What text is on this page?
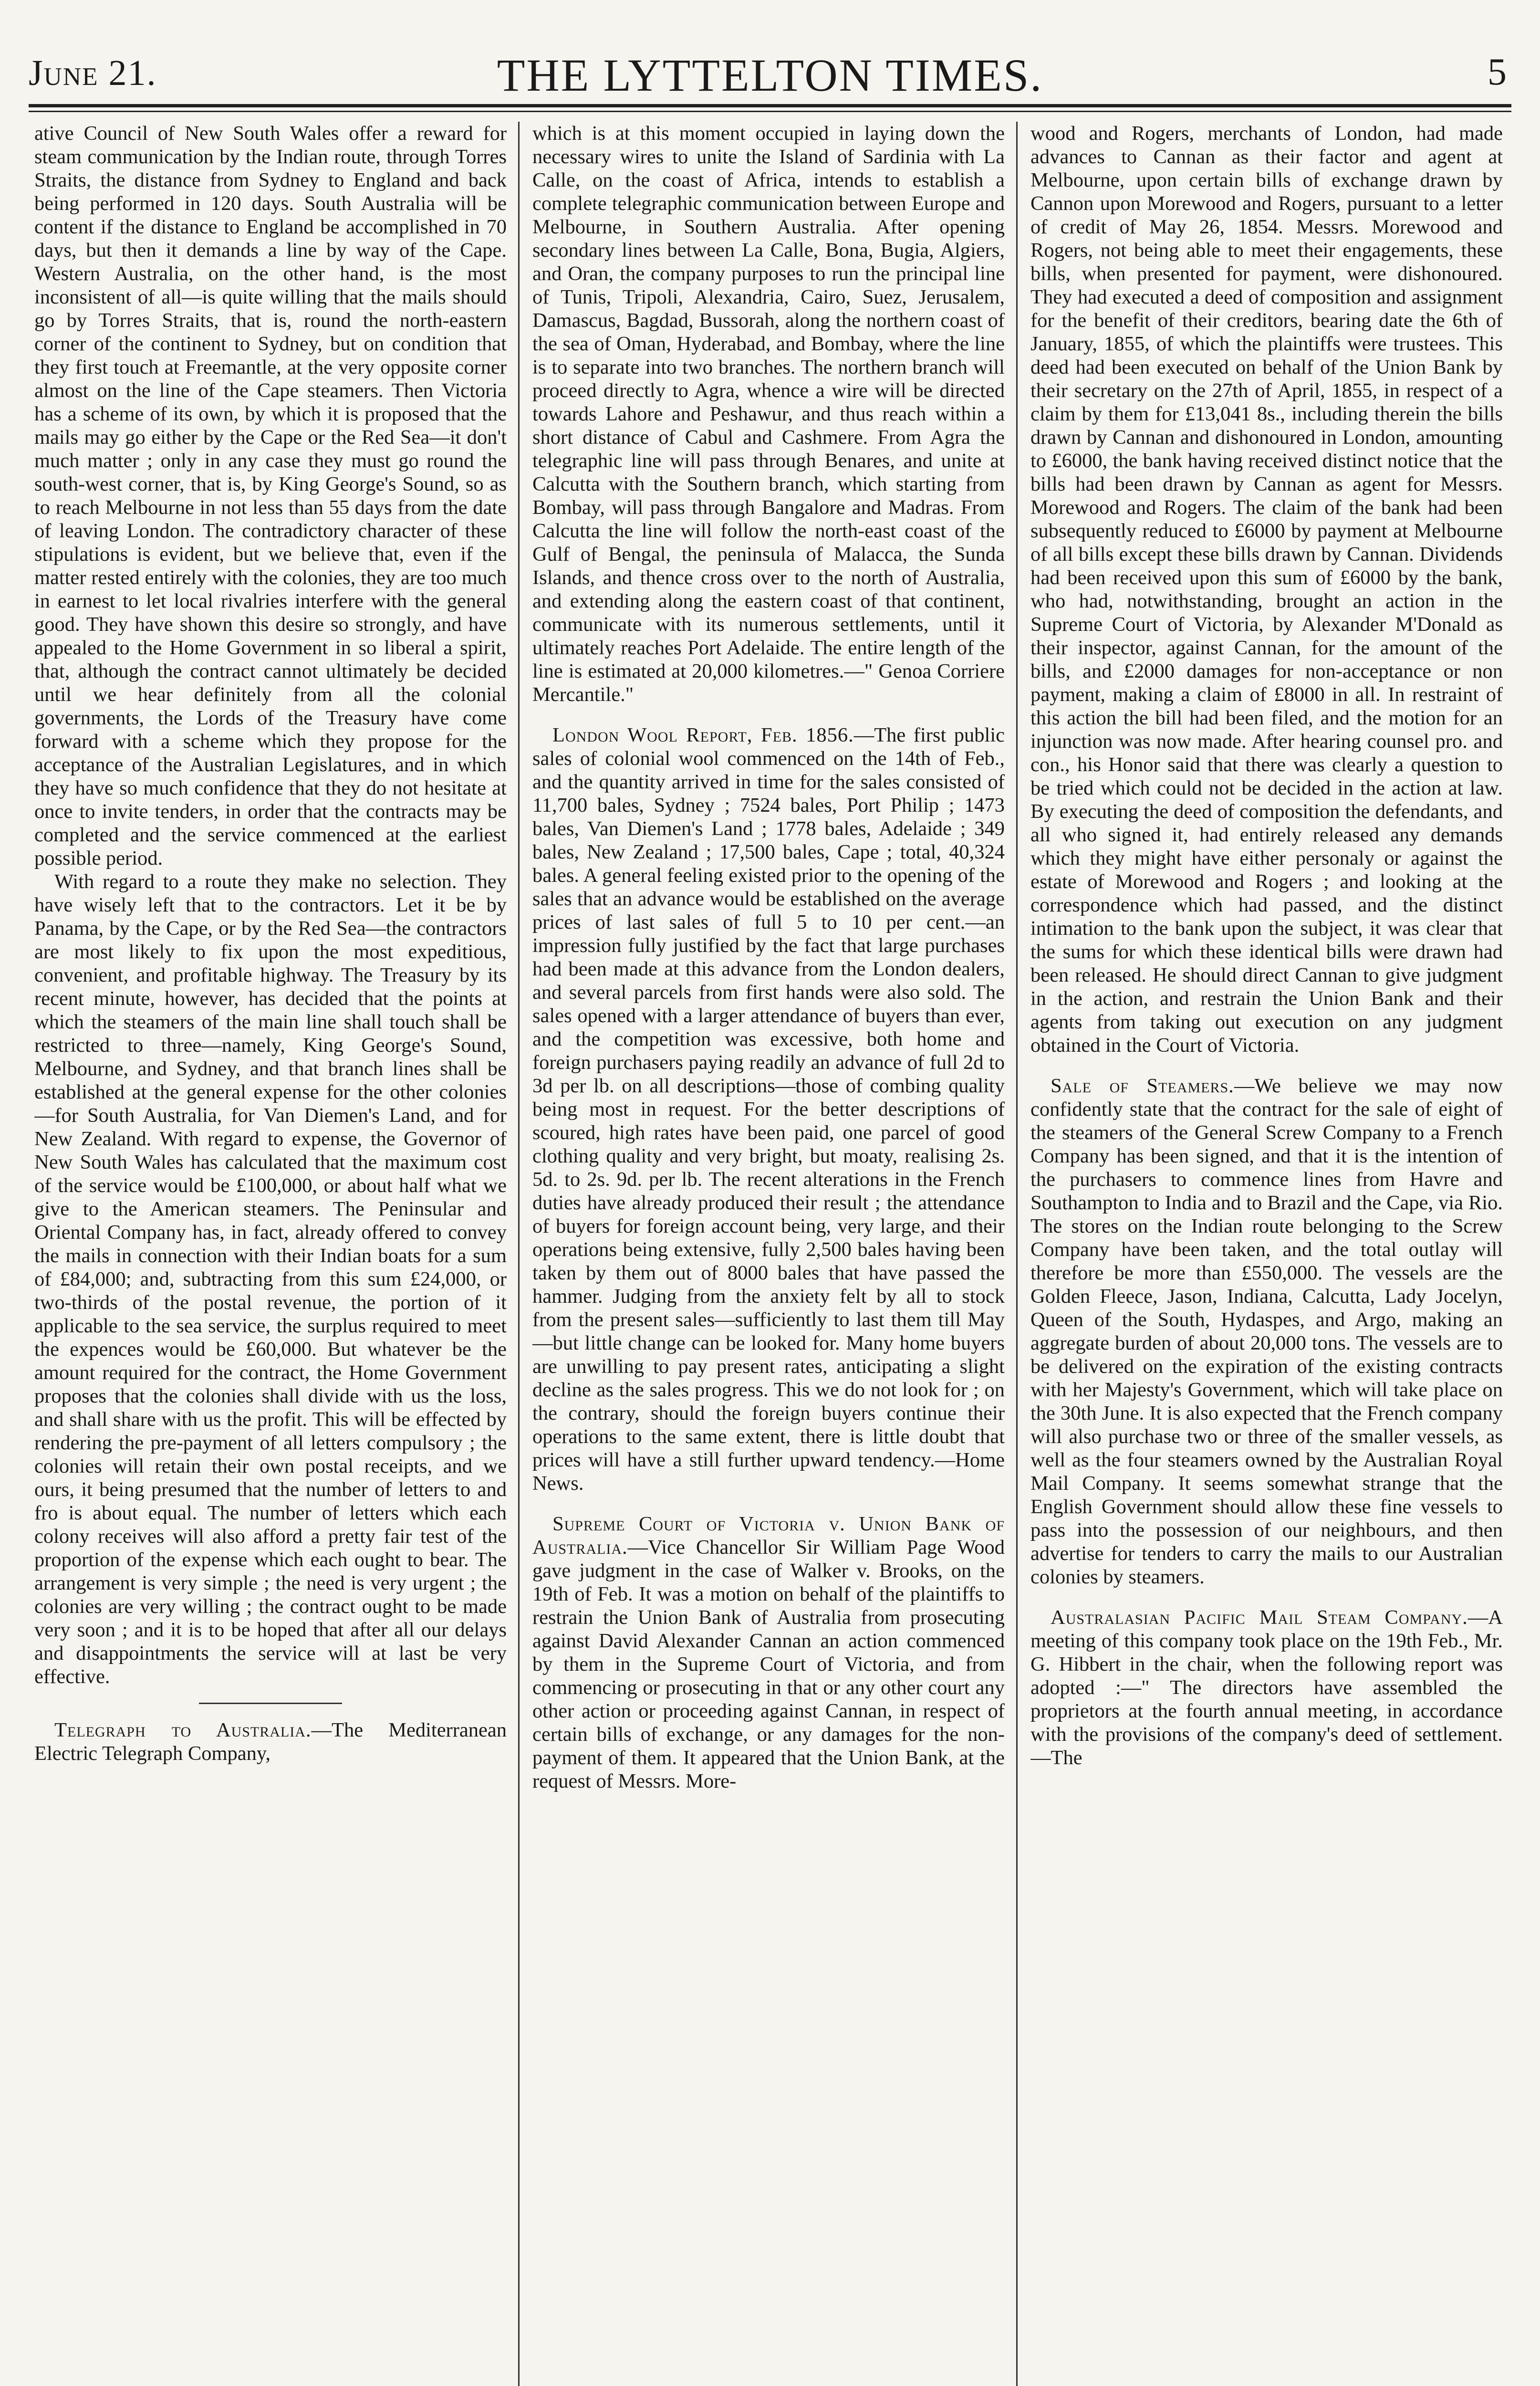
June 21.	THE LYTTELTON TIMES.	5

ative Council of New South Wales offer a reward for steam communication by the Indian route, through Torres Straits, the distance from Sydney to England and back being performed in 120 days. South Australia will be content if the distance to England be accomplished in 70 days, but then it demands a line by way of the Cape. Western Australia, on the other hand, is the most inconsistent of all—is quite willing that the mails should go by Torres Straits, that is, round the north-eastern corner of the continent to Sydney, but on condition that they first touch at Freemantle, at the very opposite corner almost on the line of the Cape steamers. Then Victoria has a scheme of its own, by which it is proposed that the mails may go either by the Cape or the Red Sea—it don't much matter ; only in any case they must go round the south-west corner, that is, by King George's Sound, so as to reach Melbourne in not less than 55 days from the date of leaving London. The contradictory character of these stipulations is evident, but we believe that, even if the matter rested entirely with the colonies, they are too much in earnest to let local rivalries interfere with the general good. They have shown this desire so strongly, and have appealed to the Home Government in so liberal a spirit, that, although the contract cannot ultimately be decided until we hear definitely from all the colonial governments, the Lords of the Treasury have come forward with a scheme which they propose for the acceptance of the Australian Legislatures, and in which they have so much confidence that they do not hesitate at once to invite tenders, in order that the contracts may be completed and the service commenced at the earliest possible period.

With regard to a route they make no selection. They have wisely left that to the contractors. Let it be by Panama, by the Cape, or by the Red Sea—the contractors are most likely to fix upon the most expeditious, convenient, and profitable highway. The Treasury by its recent minute, however, has decided that the points at which the steamers of the main line shall touch shall be restricted to three—namely, King George's Sound, Melbourne, and Sydney, and that branch lines shall be established at the general expense for the other colonies—for South Australia, for Van Diemen's Land, and for New Zealand. With regard to expense, the Governor of New South Wales has calculated that the maximum cost of the service would be £100,000, or about half what we give to the American steamers. The Peninsular and Oriental Company has, in fact, already offered to convey the mails in connection with their Indian boats for a sum of £84,000; and, subtracting from this sum £24,000, or two-thirds of the postal revenue, the portion of it applicable to the sea service, the surplus required to meet the expences would be £60,000. But whatever be the amount required for the contract, the Home Government proposes that the colonies shall divide with us the loss, and shall share with us the profit. This will be effected by rendering the pre-payment of all letters compulsory ; the colonies will retain their own postal receipts, and we ours, it being presumed that the number of letters to and fro is about equal. The number of letters which each colony receives will also afford a pretty fair test of the proportion of the expense which each ought to bear. The arrangement is very simple ; the need is very urgent ; the colonies are very willing ; the contract ought to be made very soon ; and it is to be hoped that after all our delays and disappointments the service will at last be very effective.

Telegraph to Australia.—The Mediterranean Electric Telegraph Company,

which is at this moment occupied in laying down the necessary wires to unite the Island of Sardinia with La Calle, on the coast of Africa, intends to establish a complete telegraphic communication between Europe and Melbourne, in Southern Australia. After opening secondary lines between La Calle, Bona, Bugia, Algiers, and Oran, the company purposes to run the principal line of Tunis, Tripoli, Alexandria, Cairo, Suez, Jerusalem, Damascus, Bagdad, Bussorah, along the northern coast of the sea of Oman, Hyderabad, and Bombay, where the line is to separate into two branches. The northern branch will proceed directly to Agra, whence a wire will be directed towards Lahore and Peshawur, and thus reach within a short distance of Cabul and Cashmere. From Agra the telegraphic line will pass through Benares, and unite at Calcutta with the Southern branch, which starting from Bombay, will pass through Bangalore and Madras. From Calcutta the line will follow the north-east coast of the Gulf of Bengal, the peninsula of Malacca, the Sunda Islands, and thence cross over to the north of Australia, and extending along the eastern coast of that continent, communicate with its numerous settlements, until it ultimately reaches Port Adelaide. The entire length of the line is estimated at 20,000 kilometres.—" Genoa Corriere Mercantile."

London Wool Report, Feb. 1856.—The first public sales of colonial wool commenced on the 14th of Feb., and the quantity arrived in time for the sales consisted of 11,700 bales, Sydney ; 7524 bales, Port Philip ; 1473 bales, Van Diemen's Land ; 1778 bales, Adelaide ; 349 bales, New Zealand ; 17,500 bales, Cape ; total, 40,324 bales. A general feeling existed prior to the opening of the sales that an advance would be established on the average prices of last sales of full 5 to 10 per cent.—an impression fully justified by the fact that large purchases had been made at this advance from the London dealers, and several parcels from first hands were also sold. The sales opened with a larger attendance of buyers than ever, and the competition was excessive, both home and foreign purchasers paying readily an advance of full 2d to 3d per lb. on all descriptions—those of combing quality being most in request. For the better descriptions of scoured, high rates have been paid, one parcel of good clothing quality and very bright, but moaty, realising 2s. 5d. to 2s. 9d. per lb. The recent alterations in the French duties have already produced their result ; the attendance of buyers for foreign account being, very large, and their operations being extensive, fully 2,500 bales having been taken by them out of 8000 bales that have passed the hammer. Judging from the anxiety felt by all to stock from the present sales—sufficiently to last them till May—but little change can be looked for. Many home buyers are unwilling to pay present rates, anticipating a slight decline as the sales progress. This we do not look for ; on the contrary, should the foreign buyers continue their operations to the same extent, there is little doubt that prices will have a still further upward tendency.—Home News.

Supreme Court of Victoria v. Union Bank of Australia.—Vice Chancellor Sir William Page Wood gave judgment in the case of Walker v. Brooks, on the 19th of Feb. It was a motion on behalf of the plaintiffs to restrain the Union Bank of Australia from prosecuting against David Alexander Cannan an action commenced by them in the Supreme Court of Victoria, and from commencing or prosecuting in that or any other court any other action or proceeding against Cannan, in respect of certain bills of exchange, or any damages for the non-payment of them. It appeared that the Union Bank, at the request of Messrs. More-

wood and Rogers, merchants of London, had made advances to Cannan as their factor and agent at Melbourne, upon certain bills of exchange drawn by Cannon upon Morewood and Rogers, pursuant to a letter of credit of May 26, 1854. Messrs. Morewood and Rogers, not being able to meet their engagements, these bills, when presented for payment, were dishonoured. They had executed a deed of composition and assignment for the benefit of their creditors, bearing date the 6th of January, 1855, of which the plaintiffs were trustees. This deed had been executed on behalf of the Union Bank by their secretary on the 27th of April, 1855, in respect of a claim by them for £13,041 8s., including therein the bills drawn by Cannan and dishonoured in London, amounting to £6000, the bank having received distinct notice that the bills had been drawn by Cannan as agent for Messrs. Morewood and Rogers. The claim of the bank had been subsequently reduced to £6000 by payment at Melbourne of all bills except these bills drawn by Cannan. Dividends had been received upon this sum of £6000 by the bank, who had, notwithstanding, brought an action in the Supreme Court of Victoria, by Alexander M'Donald as their inspector, against Cannan, for the amount of the bills, and £2000 damages for non-acceptance or non payment, making a claim of £8000 in all. In restraint of this action the bill had been filed, and the motion for an injunction was now made. After hearing counsel pro. and con., his Honor said that there was clearly a question to be tried which could not be decided in the action at law. By executing the deed of composition the defendants, and all who signed it, had entirely released any demands which they might have either personaly or against the estate of Morewood and Rogers ; and looking at the correspondence which had passed, and the distinct intimation to the bank upon the subject, it was clear that the sums for which these identical bills were drawn had been released. He should direct Cannan to give judgment in the action, and restrain the Union Bank and their agents from taking out execution on any judgment obtained in the Court of Victoria.

Sale of Steamers.—We believe we may now confidently state that the contract for the sale of eight of the steamers of the General Screw Company to a French Company has been signed, and that it is the intention of the purchasers to commence lines from Havre and Southampton to India and to Brazil and the Cape, via Rio. The stores on the Indian route belonging to the Screw Company have been taken, and the total outlay will therefore be more than £550,000. The vessels are the Golden Fleece, Jason, Indiana, Calcutta, Lady Jocelyn, Queen of the South, Hydaspes, and Argo, making an aggregate burden of about 20,000 tons. The vessels are to be delivered on the expiration of the existing contracts with her Majesty's Government, which will take place on the 30th June. It is also expected that the French company will also purchase two or three of the smaller vessels, as well as the four steamers owned by the Australian Royal Mail Company. It seems somewhat strange that the English Government should allow these fine vessels to pass into the possession of our neighbours, and then advertise for tenders to carry the mails to our Australian colonies by steamers.

Australasian Pacific Mail Steam Company.—A meeting of this company took place on the 19th Feb., Mr. G. Hibbert in the chair, when the following report was adopted :—" The directors have assembled the proprietors at the fourth annual meeting, in accordance with the provisions of the company's deed of settlement.—The
